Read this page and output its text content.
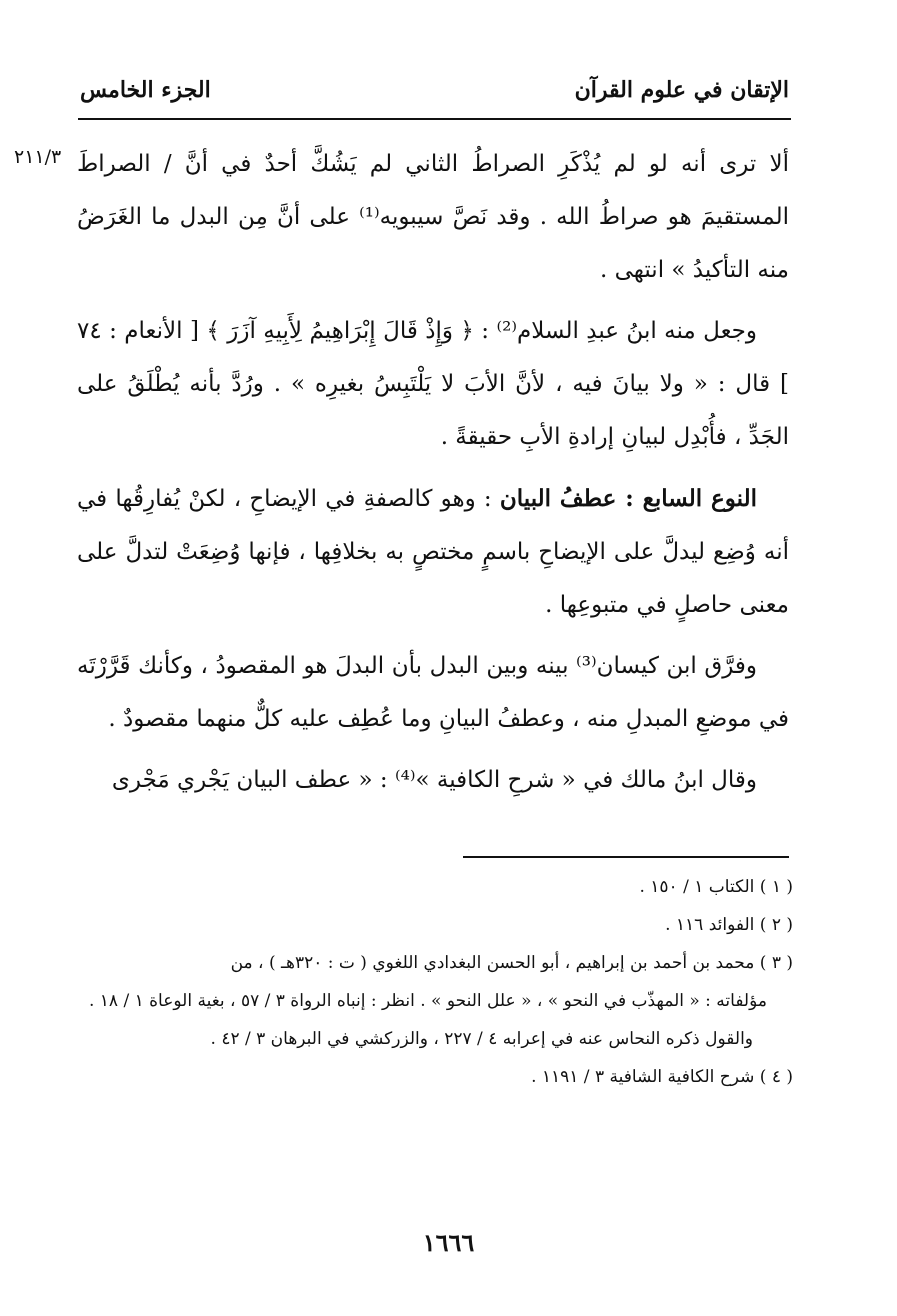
الإتقان في علوم القرآن
الجزء الخامس
٢١١/٣ ألا ترى أنه لو لم يُذْكَرِ الصراطُ الثاني لم يَشُكَّ أحدٌ في أنَّ / الصراطَ المستقيمَ هو صراطُ الله . وقد نَصَّ سيبويه⁽¹⁾ على أنَّ مِن البدل ما الغَرَضُ منه التأكيدُ » انتهى .

وجعل منه ابنُ عبدِ السلام⁽²⁾ : ﴿ وَإِذْ قَالَ إِبْرَاهِيمُ لِأَبِيهِ آزَرَ ﴾ [ الأنعام : ٧٤ ] قال : « ولا بيانَ فيه ، لأنَّ الأبَ لا يَلْتَبِسُ بغيرِه » . ورُدَّ بأنه يُطْلَقُ على الجَدِّ ، فأُبْدِل لبيانِ إرادةِ الأبِ حقيقةً .

النوع السابع : عطفُ البيان : وهو كالصفةِ في الإيضاحِ ، لكنْ يُفارِقُها في أنه وُضِع ليدلَّ على الإيضاحِ باسمٍ مختصٍ به بخلافِها ، فإنها وُضِعَتْ لتدلَّ على معنى حاصلٍ في متبوعِها .

وفرَّق ابن كيسان⁽³⁾ بينه وبين البدل بأن البدلَ هو المقصودُ ، وكأنك قَرَّرْتَه في موضعِ المبدلِ منه ، وعطفُ البيانِ وما عُطِف عليه كلٌّ منهما مقصودٌ .

وقال ابنُ مالك في « شرحِ الكافية »⁽⁴⁾ : « عطف البيان يَجْري مَجْرى

( ١ ) الكتاب ١ / ١٥٠ .

( ٢ ) الفوائد ١١٦ .

( ٣ ) محمد بن أحمد بن إبراهيم ، أبو الحسن البغدادي اللغوي ( ت : ٣٢٠هـ ) ، من

مؤلفاته : « المهذّب في النحو » ، « علل النحو » . انظر : إنباه الرواة ٣ / ٥٧ ، بغية الوعاة ١ / ١٨ .

والقول ذكره النحاس عنه في إعرابه ٤ / ٢٢٧ ، والزركشي في البرهان ٣ / ٤٢ .

( ٤ ) شرح الكافية الشافية ٣ / ١١٩١ .

١٦٦٦
